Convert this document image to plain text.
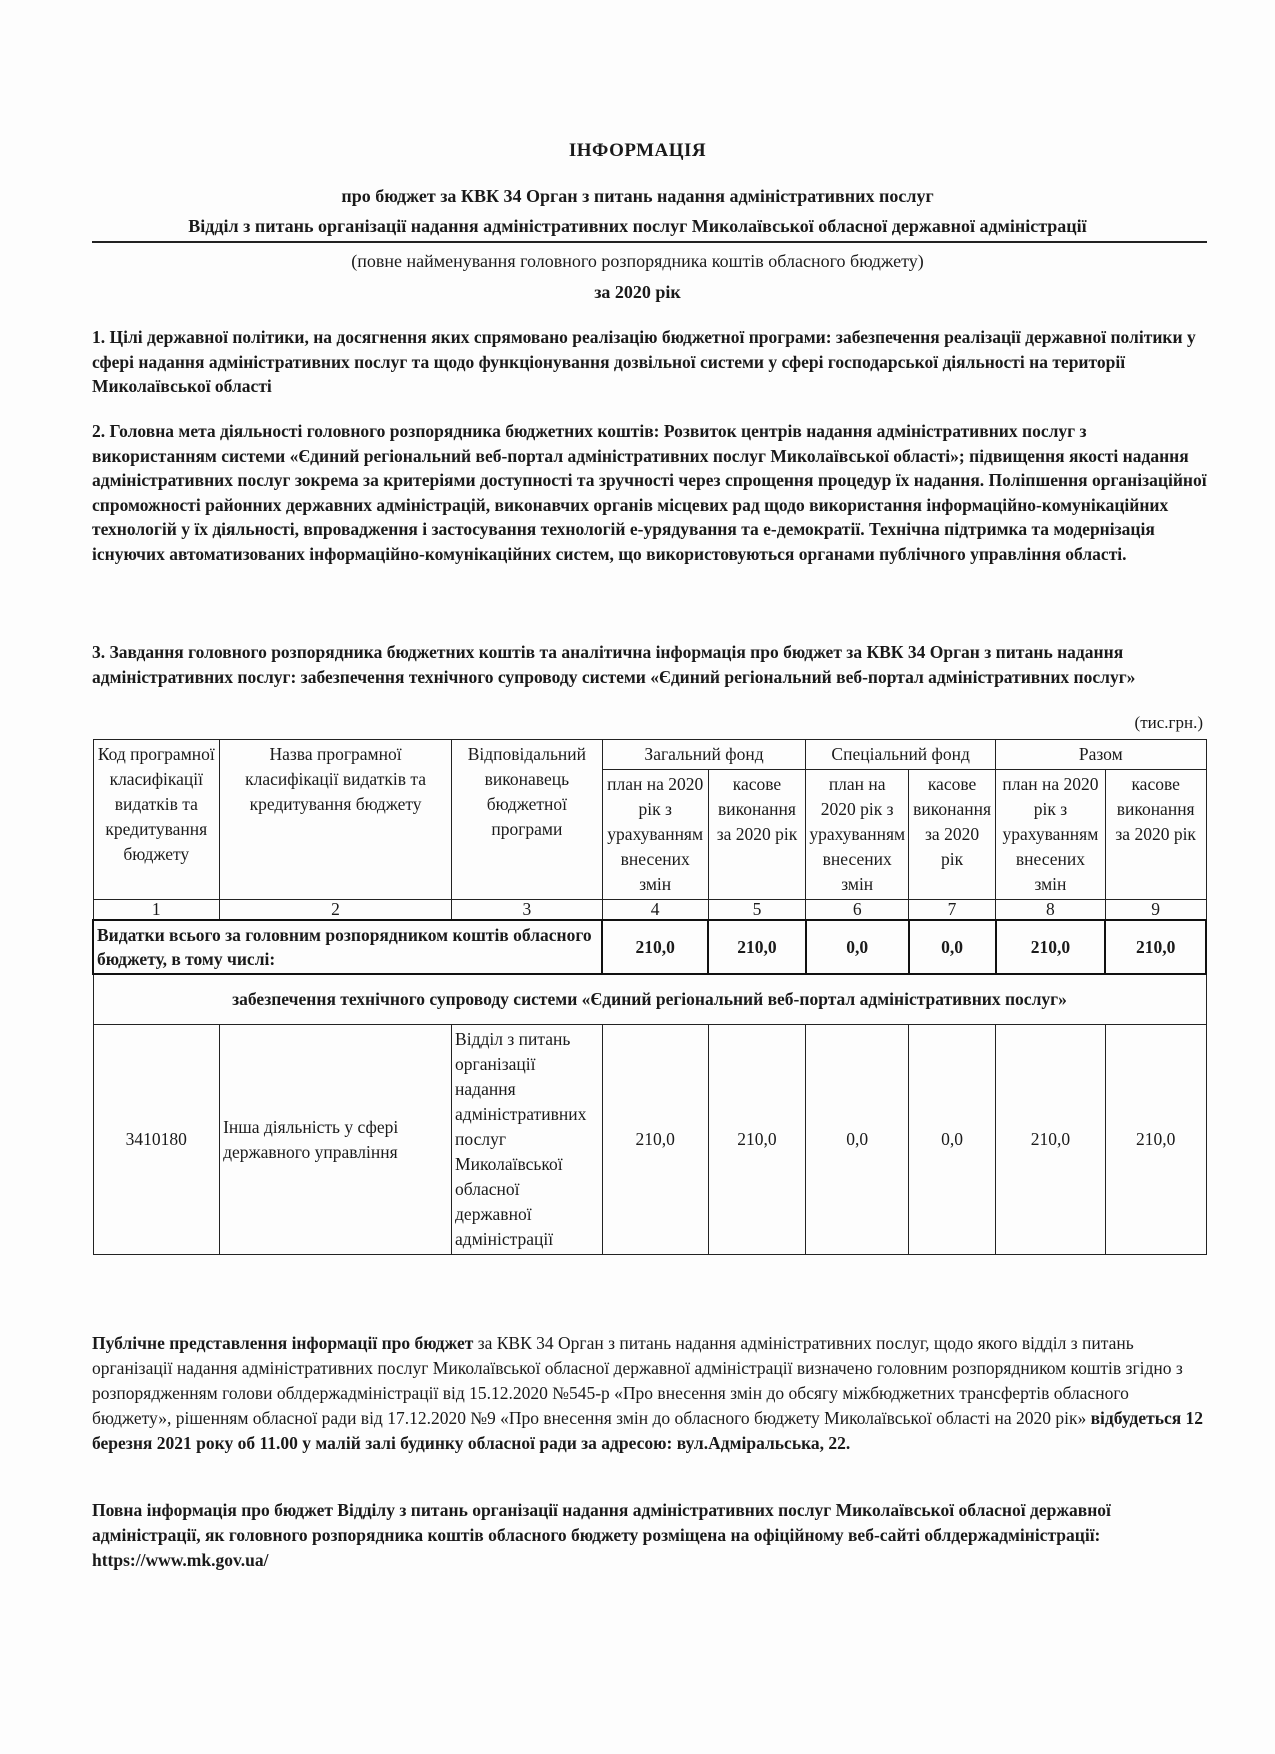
ІНФОРМАЦІЯ
про бюджет за КВК 34 Орган з питань надання адміністративних послуг
Відділ з питань організації надання адміністративних послуг Миколаївської обласної державної адміністрації
(повне найменування головного розпорядника коштів обласного бюджету)
за 2020 рік
1. Цілі державної політики, на досягнення яких спрямовано реалізацію бюджетної програми: забезпечення реалізації державної політики у сфері надання адміністративних послуг та щодо функціонування дозвільної системи у сфері господарської діяльності на території Миколаївської області
2. Головна мета діяльності головного розпорядника бюджетних коштів: Розвиток центрів надання адміністративних послуг з використанням системи «Єдиний регіональний веб-портал адміністративних послуг Миколаївської області»; підвищення якості надання адміністративних послуг зокрема за критеріями доступності та зручності через спрощення процедур їх надання. Поліпшення організаційної спроможності районних державних адміністрацій, виконавчих органів місцевих рад щодо використання інформаційно-комунікаційних технологій у їх діяльності, впровадження і застосування технологій е-урядування та е-демократії. Технічна підтримка та модернізація існуючих автоматизованих інформаційно-комунікаційних систем, що використовуються органами публічного управління області.
3. Завдання головного розпорядника бюджетних коштів та аналітична інформація про бюджет за КВК 34 Орган з питань надання адміністративних послуг: забезпечення технічного супроводу системи «Єдиний регіональний веб-портал адміністративних послуг»
(тис.грн.)
Код програмної класифікації видатків та кредитування бюджету	Назва програмної класифікації видатків та кредитування бюджету	Відповідальний виконавець бюджетної програми	Загальний фонд		Спеціальний фонд		Разом	
			план на 2020 рік з урахуванням внесених змін	касове виконання за 2020 рік	план на 2020 рік з урахуванням внесених змін	касове виконання за 2020 рік	план на 2020 рік з урахуванням внесених змін	касове виконання за 2020 рік
1	2	3	4	5	6	7	8	9
Видатки всього за головним розпорядником коштів обласного бюджету, в тому числі:			210,0	210,0	0,0	0,0	210,0	210,0
забезпечення технічного супроводу системи «Єдиний регіональний веб-портал адміністративних послуг»								
3410180	Інша діяльність у сфері державного управління	Відділ з питань організації надання адміністративних послуг Миколаївської обласної державної адміністрації	210,0	210,0	0,0	0,0	210,0	210,0
Публічне представлення інформації про бюджет за КВК 34 Орган з питань надання адміністративних послуг, щодо якого відділ з питань організації надання адміністративних послуг Миколаївської обласної державної адміністрації визначено головним розпорядником коштів згідно з розпорядженням голови облдержадміністрації від 15.12.2020 №545-р «Про внесення змін до обсягу міжбюджетних трансфертів обласного бюджету», рішенням обласної ради від 17.12.2020 №9 «Про внесення змін до обласного бюджету Миколаївської області на 2020 рік» відбудеться 12 березня 2021 року об 11.00 у малій залі будинку обласної ради за адресою: вул.Адміральська, 22.
Повна інформація про бюджет Відділу з питань організації надання адміністративних послуг Миколаївської обласної державної адміністрації, як головного розпорядника коштів обласного бюджету розміщена на офіційному веб-сайті облдержадміністрації: https://www.mk.gov.ua/
